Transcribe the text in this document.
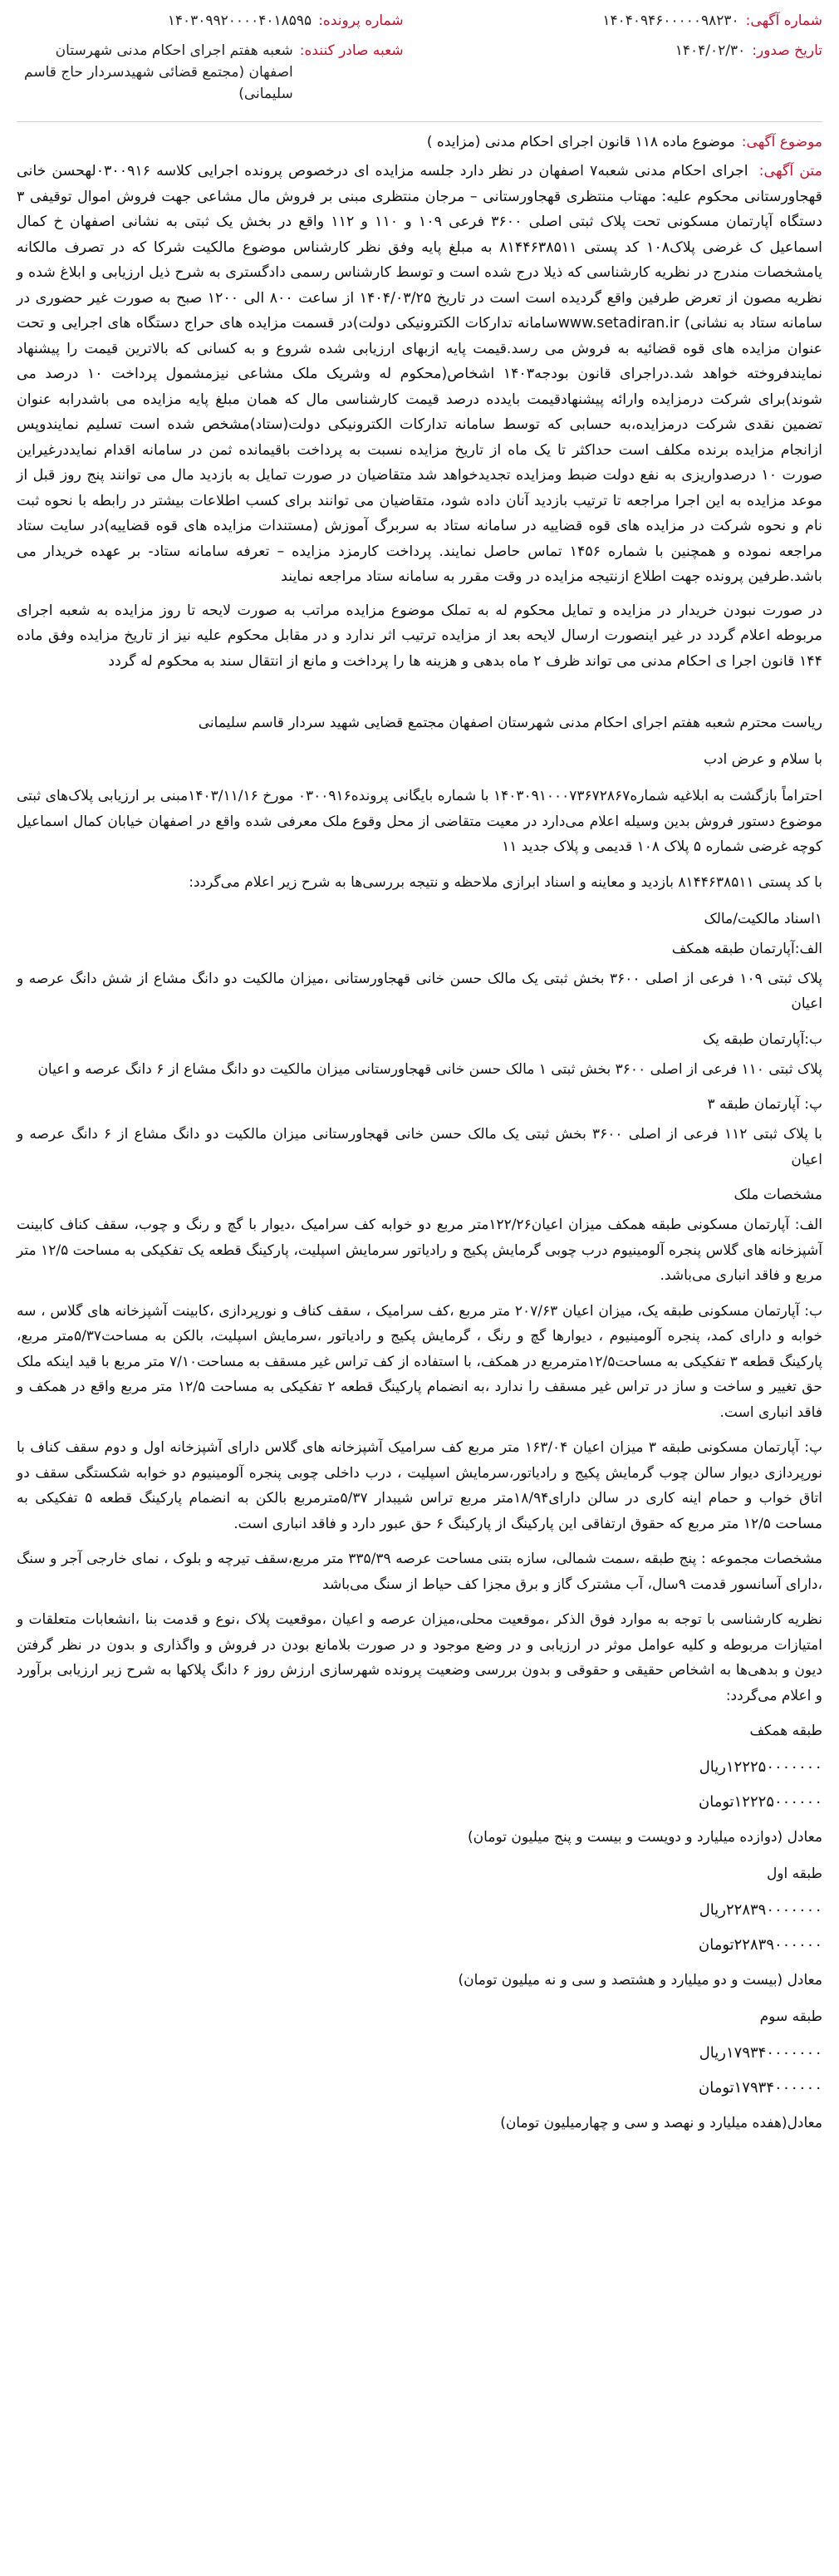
شماره آگهی:
۱۴۰۴۰۹۴۶۰۰۰۰۰۹۸۲۳۰
تاریخ صدور:
۱۴۰۴/۰۲/۳۰
شماره پرونده:
۱۴۰۳۰۹۹۲۰۰۰۰۴۰۱۸۵۹۵
شعبه صادر کننده:
شعبه هفتم اجرای احکام مدنی شهرستان اصفهان (مجتمع قضائی شهیدسردار حاج قاسم سلیمانی)
موضوع آگهی:
موضوع ماده ۱۱۸ قانون اجرای احکام مدنی (مزایده )

متن آگهی: اجرای احکام مدنی شعبه۷ اصفهان در نظر دارد جلسه مزایده ای درخصوص پرونده اجرایی کلاسه ۰۳۰۰۹۱۶لهحسن خانی قهجاورستانی محکوم علیه: مهتاب منتظری قهجاورستانی – مرجان منتظری مبنی بر فروش مال مشاعی جهت فروش اموال توقیفی ۳ دستگاه آپارتمان مسکونی تحت پلاک ثبتی اصلی ۳۶۰۰ فرعی ۱۰۹ و ۱۱۰ و ۱۱۲ واقع در بخش یک ثبتی به نشانی اصفهان خ کمال اسماعیل ک غرضی پلاک۱۰۸ کد پستی ۸۱۴۴۶۳۸۵۱۱ به مبلغ پایه وفق نظر کارشناس موضوع مالکیت شرکا که در تصرف مالکانه یامشخصات مندرج در نظریه کارشناسی که ذیلا درج شده است و توسط کارشناس رسمی دادگستری به شرح ذیل ارزیابی و ابلاغ شده و نظریه مصون از تعرض طرفین واقع گردیده است است در تاریخ ۱۴۰۴/۰۳/۲۵ از ساعت ۸۰۰ الی ۱۲۰۰ صبح به صورت غیر حضوری در سامانه ستاد به نشانی) www.setadiran.irسامانه تدارکات الکترونیکی دولت)در قسمت مزایده های حراج دستگاه های اجرایی و تحت عنوان مزایده های قوه قضائیه به فروش می رسد.قیمت پایه ازبهای ارزیابی شده شروع و به کسانی که بالاترین قیمت را پیشنهاد نمایندفروخته خواهد شد.دراجرای قانون بودجه۱۴۰۳ اشخاص(محکوم له وشریک ملک مشاعی نیزمشمول پرداخت ۱۰ درصد می شوند)برای شرکت درمزایده وارائه پیشنهادقیمت بایدده درصد قیمت کارشناسی مال که همان مبلغ پایه مزایده می باشدرابه عنوان تضمین نقدی شرکت درمزایده،به حسابی که توسط سامانه تدارکات الکترونیکی دولت(ستاد)مشخص شده است تسلیم نمایندوپس ازانجام مزایده برنده مکلف است حداکثر تا یک ماه از تاریخ مزایده نسبت به پرداخت باقیمانده ثمن در سامانه اقدام نمایددرغیراین صورت ۱۰ درصدواریزی به نفع دولت ضبط ومزایده تجدیدخواهد شد متقاضیان در صورت تمایل به بازدید مال می توانند پنج روز قبل از موعد مزایده به این اجرا مراجعه تا ترتیب بازدید آنان داده شود، متقاضیان می توانند برای کسب اطلاعات بیشتر در رابطه با نحوه ثبت نام و نحوه شرکت در مزایده های قوه قضاییه در سامانه ستاد به سربرگ آموزش (مستندات مزایده های قوه قضاییه)در سایت ستاد مراجعه نموده و همچنین با شماره ۱۴۵۶ تماس حاصل نمایند. پرداخت کارمزد مزایده – تعرفه سامانه ستاد- بر عهده خریدار می باشد.طرفین پرونده جهت اطلاع ازنتیجه مزایده در وقت مقرر به سامانه ستاد مراجعه نمایند

در صورت نبودن خریدار در مزایده و تمایل محکوم له به تملک موضوع مزایده مراتب به صورت لایحه تا روز مزایده به شعبه اجرای مربوطه اعلام گردد در غیر اینصورت ارسال لایحه بعد از مزایده ترتیب اثر ندارد و در مقابل محکوم علیه نیز از تاریخ مزایده وفق ماده ۱۴۴ قانون اجرا ی احکام مدنی می تواند ظرف ۲ ماه بدهی و هزینه ها را پرداخت و مانع از انتقال سند به محکوم له گردد

ریاست محترم شعبه هفتم اجرای احکام مدنی شهرستان اصفهان مجتمع قضایی شهید سردار قاسم سلیمانی

با سلام و عرض ادب

احتراماً بازگشت به ابلاغیه شماره۱۴۰۳۰۹۱۰۰۰۷۳۶۷۲۸۶۷ با شماره بایگانی پرونده۰۳۰۰۹۱۶ مورخ ۱۴۰۳/۱۱/۱۶مبنی بر ارزیابی پلاک‌های ثبتی موضوع دستور فروش بدین وسیله اعلام می‌دارد در معیت متقاضی از محل وقوع ملک معرفی شده واقع در اصفهان خیابان کمال اسماعیل کوچه غرضی شماره ۵ پلاک ۱۰۸ قدیمی و پلاک جدید ۱۱

با کد پستی ۸۱۴۴۶۳۸۵۱۱ بازدید و معاینه و اسناد ابرازی ملاحظه و نتیجه بررسی‌ها به شرح زیر اعلام می‌گردد:

۱اسناد مالکیت/مالک

الف:آپارتمان طبقه همکف

پلاک ثبتی ۱۰۹ فرعی از اصلی ۳۶۰۰ بخش ثبتی یک مالک حسن خانی قهجاورستانی ،میزان مالکیت دو دانگ مشاع از شش دانگ عرصه و اعیان

ب:آپارتمان طبقه یک

پلاک ثبتی ۱۱۰ فرعی از اصلی ۳۶۰۰ بخش ثبتی ۱ مالک حسن خانی قهجاورستانی میزان مالکیت دو دانگ مشاع از ۶ دانگ عرصه و اعیان

پ: آپارتمان طبقه ۳

با پلاک ثبتی ۱۱۲ فرعی از اصلی ۳۶۰۰ بخش ثبتی یک مالک حسن خانی قهجاورستانی میزان مالکیت دو دانگ مشاع از ۶ دانگ عرصه و اعیان

مشخصات ملک

الف: آپارتمان مسکونی طبقه همکف میزان اعیان۱۲۲/۲۶متر مربع دو خوابه کف سرامیک ،دیوار با گچ و رنگ و چوب، سقف کناف کابینت آشپزخانه های گلاس پنجره آلومینیوم درب چوبی گرمایش پکیج و رادیاتور سرمایش اسپلیت، پارکینگ قطعه یک تفکیکی به مساحت ۱۲/۵ متر مربع و فاقد انباری می‌باشد.

ب: آپارتمان مسکونی طبقه یک، میزان اعیان ۲۰۷/۶۳ متر مربع ،کف سرامیک ، سقف کناف و نورپردازی ،کابینت آشپزخانه های گلاس ، سه خوابه و دارای کمد، پنجره آلومینیوم ، دیوارها گچ و رنگ ، گرمایش پکیج و رادیاتور ،سرمایش اسپلیت، بالکن به مساحت۵/۳۷متر مربع، پارکینگ قطعه ۳ تفکیکی به مساحت۱۲/۵مترمربع در همکف، با استفاده از کف تراس غیر مسقف به مساحت۷/۱۰ متر مربع با قید اینکه ملک حق تغییر و ساخت و ساز در تراس غیر مسقف را ندارد ،به انضمام پارکینگ قطعه ۲ تفکیکی به مساحت ۱۲/۵ متر مربع واقع در همکف و فاقد انباری است.

پ: آپارتمان مسکونی طبقه ۳ میزان اعیان ۱۶۳/۰۴ متر مربع کف سرامیک آشپزخانه های گلاس دارای آشپزخانه اول و دوم سقف کناف با نورپردازی دیوار سالن چوب گرمایش پکیج و رادیاتور،سرمایش اسپلیت ، درب داخلی چوبی پنجره آلومینیوم دو خوابه شکستگی سقف دو اتاق خواب و حمام اینه کاری در سالن دارای۱۸/۹۴متر مربع تراس شیبدار ۵/۳۷مترمربع بالکن به انضمام پارکینگ قطعه ۵ تفکیکی به مساحت ۱۲/۵ متر مربع که حقوق ارتفاقی این پارکینگ از پارکینگ ۶ حق عبور دارد و فاقد انباری است.

مشخصات مجموعه : پنج طبقه ،سمت شمالی، سازه بتنی مساحت عرصه ۳۳۵/۳۹ متر مربع،سقف تیرچه و بلوک ، نمای خارجی آجر و سنگ ،دارای آسانسور قدمت ۹سال، آب مشترک گاز و برق مجزا کف حیاط از سنگ می‌باشد

نظریه کارشناسی با توجه به موارد فوق الذکر ،موقعیت محلی،میزان عرصه و اعیان ،موقعیت پلاک ،نوع و قدمت بنا ،انشعابات متعلقات و امتیازات مربوطه و کلیه عوامل موثر در ارزیابی و در وضع موجود و در صورت بلامانع بودن در فروش و واگذاری و بدون در نظر گرفتن دیون و بدهی‌ها به اشخاص حقیقی و حقوقی و بدون بررسی وضعیت پرونده شهرسازی ارزش روز ۶ دانگ پلاکها به شرح زیر ارزیابی برآورد و اعلام می‌گردد:

طبقه همکف

۱۲۲۲۵۰۰۰۰۰۰۰ریال

۱۲۲۲۵۰۰۰۰۰۰تومان

معادل (دوازده میلیارد و دویست و بیست و پنج میلیون تومان)

طبقه اول

۲۲۸۳۹۰۰۰۰۰۰۰ریال

۲۲۸۳۹۰۰۰۰۰۰تومان

معادل (بیست و دو میلیارد و هشتصد و سی و نه میلیون تومان)

طبقه سوم

۱۷۹۳۴۰۰۰۰۰۰۰ریال

۱۷۹۳۴۰۰۰۰۰۰تومان

معادل(هفده میلیارد و نهصد و سی و چهارمیلیون تومان)
